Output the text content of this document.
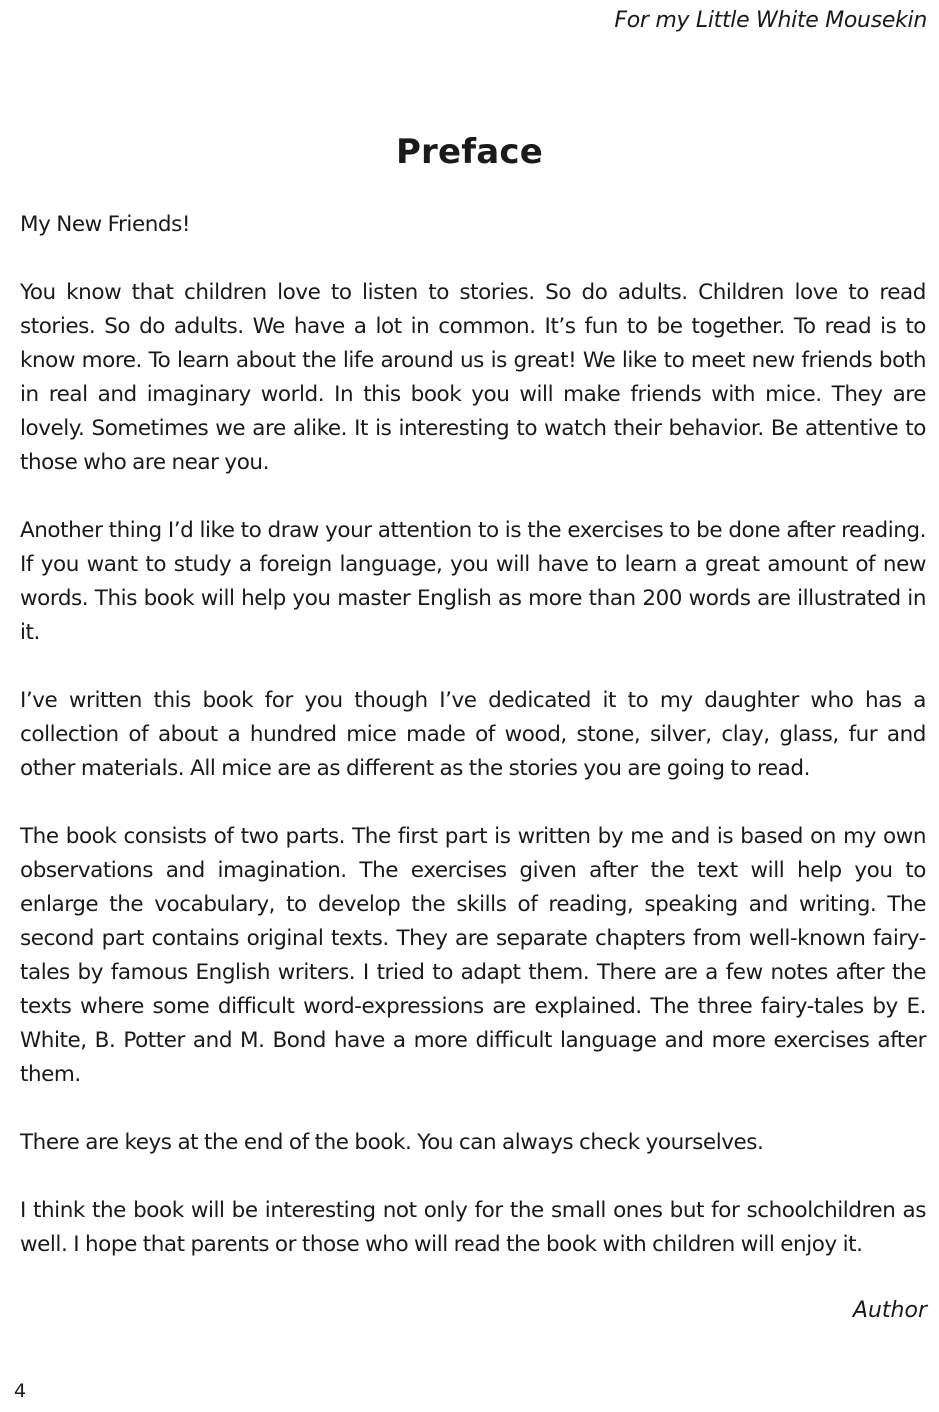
For my Little White Mousekin
Preface

My New Friends!

You know that children love to listen to stories. So do adults. Children love to read stories. So do adults. We have a lot in common. It’s fun to be together. To read is to know more. To learn about the life around us is great! We like to meet new friends both in real and imaginary world. In this book you will make friends with mice. They are lovely. Sometimes we are alike. It is interesting to watch their behavior. Be attentive to those who are near you.

Another thing I’d like to draw your attention to is the exercises to be done after reading. If you want to study a foreign language, you will have to learn a great amount of new words. This book will help you master English as more than 200 words are illustrated in it.

I’ve written this book for you though I’ve dedicated it to my daughter who has a collection of about a hundred mice made of wood, stone, silver, clay, glass, fur and other materials. All mice are as different as the stories you are going to read.

The book consists of two parts. The first part is written by me and is based on my own observations and imagination. The exercises given after the text will help you to enlarge the vocabulary, to develop the skills of reading, speaking and writing. The second part contains original texts. They are separate chapters from well-known fairy-tales by famous English writers. I tried to adapt them. There are a few notes after the texts where some difficult word-expressions are explained. The three fairy-tales by E. White, B. Potter and M. Bond have a more difficult language and more exercises after them.

There are keys at the end of the book. You can always check yourselves.

I think the book will be interesting not only for the small ones but for schoolchildren as well. I hope that parents or those who will read the book with children will enjoy it.

Author
4
